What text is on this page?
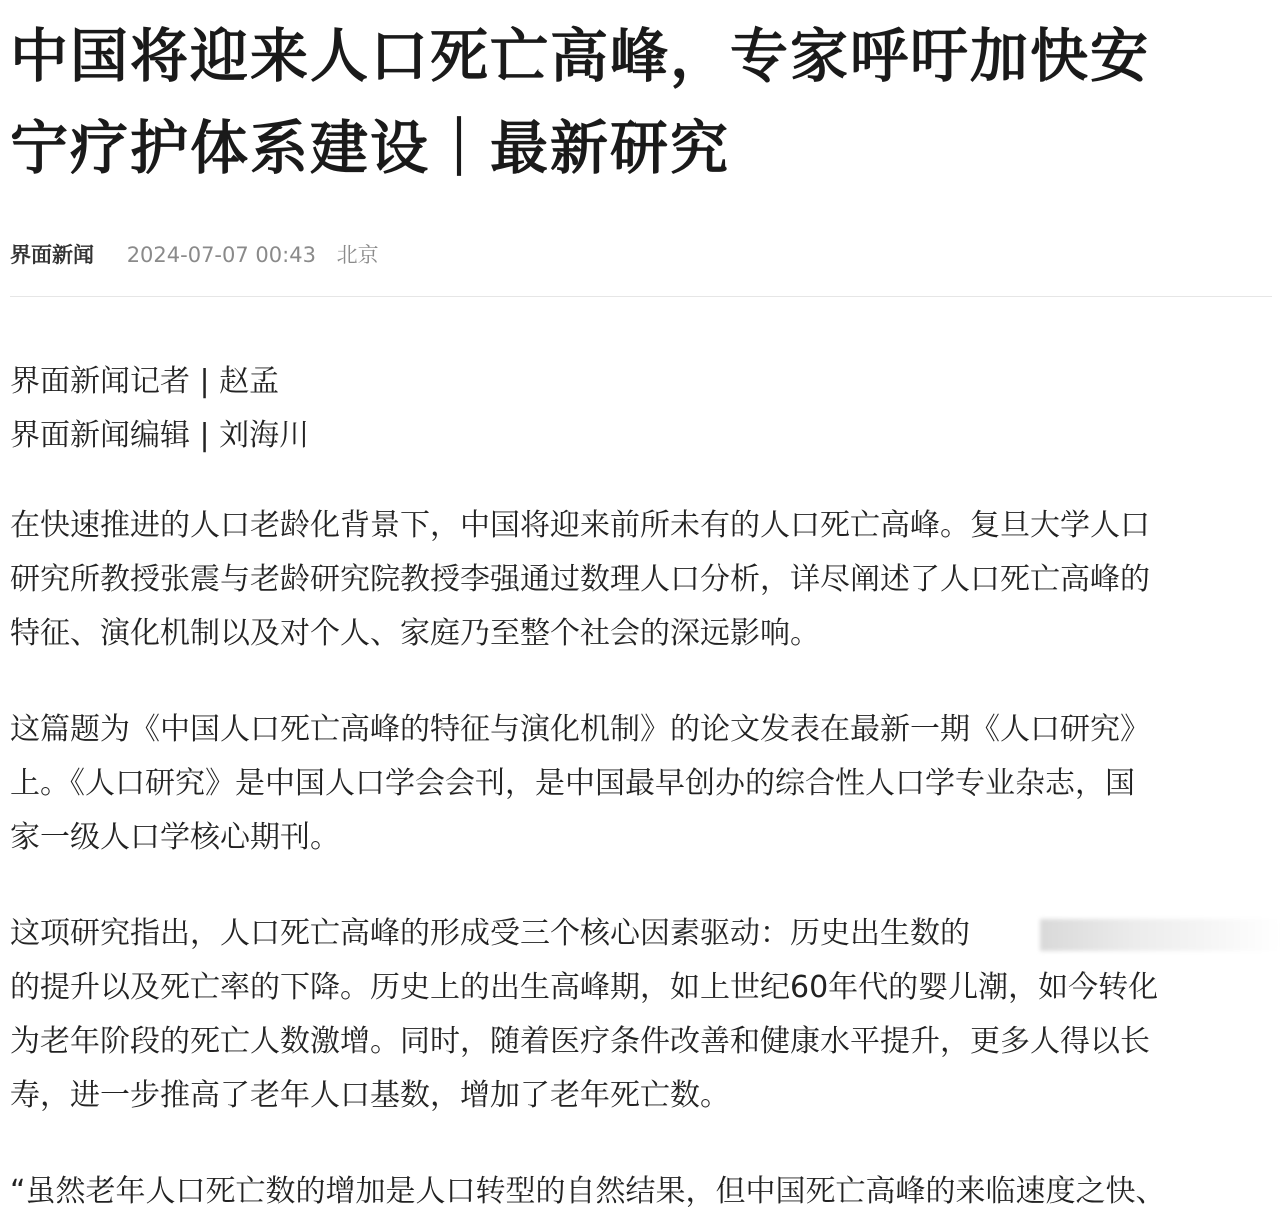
中国将迎来人口死亡高峰，专家呼吁加快安
宁疗护体系建设｜最新研究
界面新闻 2024-07-07 00:43 北京
界面新闻记者 | 赵孟
界面新闻编辑 | 刘海川

在快速推进的人口老龄化背景下，中国将迎来前所未有的人口死亡高峰。复旦大学人口
研究所教授张震与老龄研究院教授李强通过数理人口分析，详尽阐述了人口死亡高峰的
特征、演化机制以及对个人、家庭乃至整个社会的深远影响。

这篇题为《中国人口死亡高峰的特征与演化机制》的论文发表在最新一期《人口研究》
上。《人口研究》是中国人口学会会刊，是中国最早创办的综合性人口学专业杂志，国
家一级人口学核心期刊。

这项研究指出，人口死亡高峰的形成受三个核心因素驱动：历史出生数的
的提升以及死亡率的下降。历史上的出生高峰期，如上世纪60年代的婴儿潮，如今转化
为老年阶段的死亡人数激增。同时，随着医疗条件改善和健康水平提升，更多人得以长
寿，进一步推高了老年人口基数，增加了老年死亡数。

“虽然老年人口死亡数的增加是人口转型的自然结果，但中国死亡高峰的来临速度之快、
